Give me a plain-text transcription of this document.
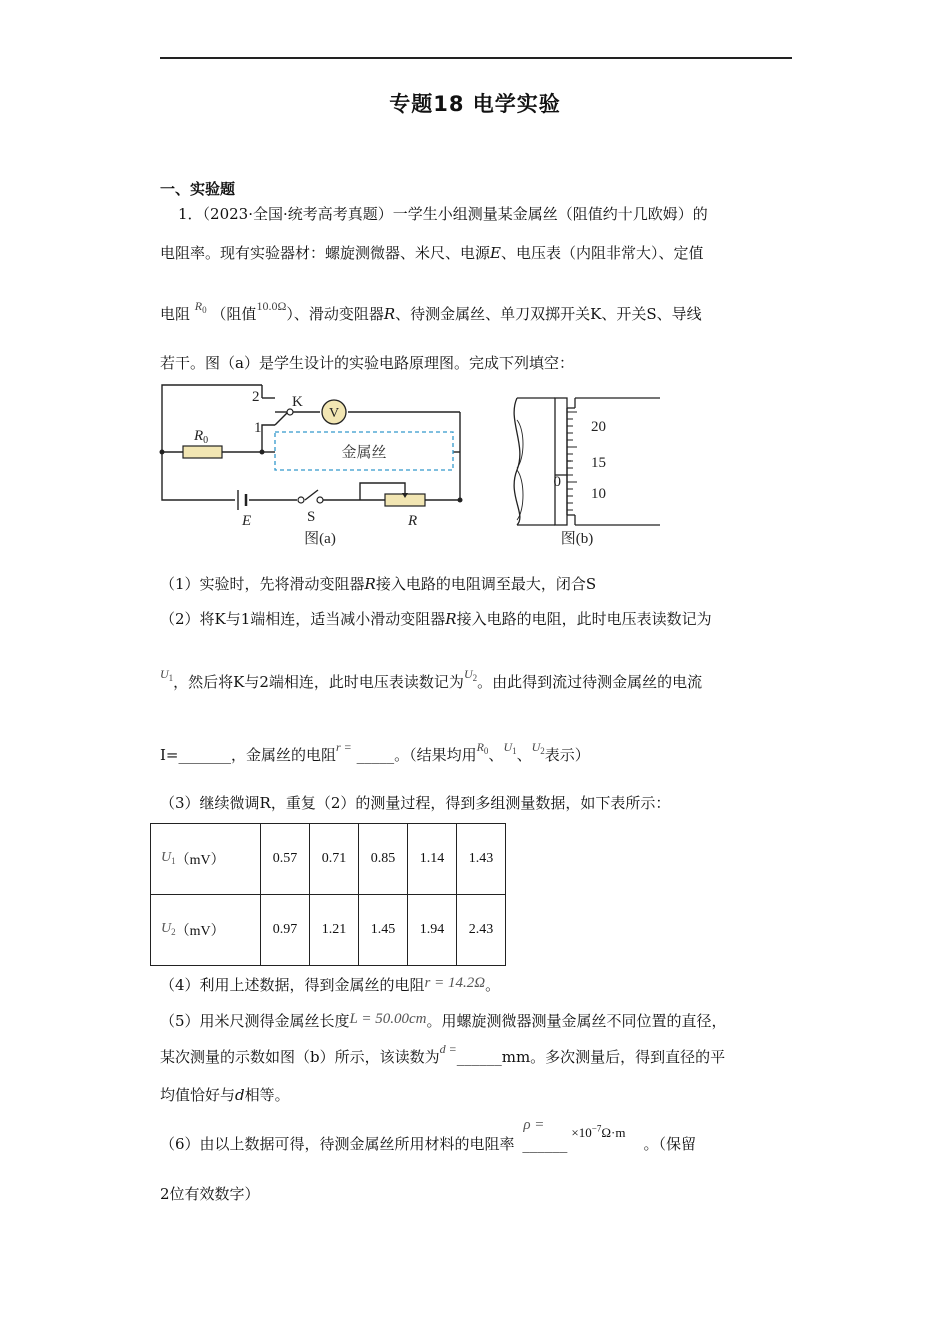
专题18 电学实验
一、实验题
1．（2023·全国·统考高考真题）一学生小组测量某金属丝（阻值约十几欧姆）的
电阻率。现有实验器材：螺旋测微器、米尺、电源E、电压表（内阻非常大）、定值
电阻 $^{R_0}$ （阻值$^{10.0\Omega}$）、滑动变阻器R、待测金属丝、单刀双掷开关K、开关S、导线
若干。图（a）是学生设计的实验电路原理图。完成下列填空：
V
金属丝
2
1
K
$R_0$
E	S	R
图(a)
20
15
10
0
图(b)
（1）实验时，先将滑动变阻器R接入电路的电阻调至最大，闭合S
（2）将K与1端相连，适当减小滑动变阻器R接入电路的电阻，此时电压表读数记为
$^{U_1}$，然后将K与2端相连，此时电压表读数记为$^{U_2}$。由此得到流过待测金属丝的电流
I=_______，金属丝的电阻$^{r =}$ _____。（结果均用$^{R_0}$、$^{U_1}$、$^{U_2}$表示）
（3）继续微调R，重复（2）的测量过程，得到多组测量数据，如下表所示：
$U_1(mV)$	0.57	0.71	0.85	1.14	1.43
$U_2(mV)$	0.97	1.21	1.45	1.94	2.43
（4）利用上述数据，得到金属丝的电阻r = 14.2Ω。
（5）用米尺测得金属丝长度L = 50.00cm。用螺旋测微器测量金属丝不同位置的直径，
某次测量的示数如图（b）所示，该读数为$^{d =}$______mm。多次测量后，得到直径的平
均值恰好与d相等。
（6）由以上数据可得，待测金属丝所用材料的电阻率 $\rho =\_\_\_\_\_\_\times 10^{-7}\Omega\cdot m$。（保留
2位有效数字）
